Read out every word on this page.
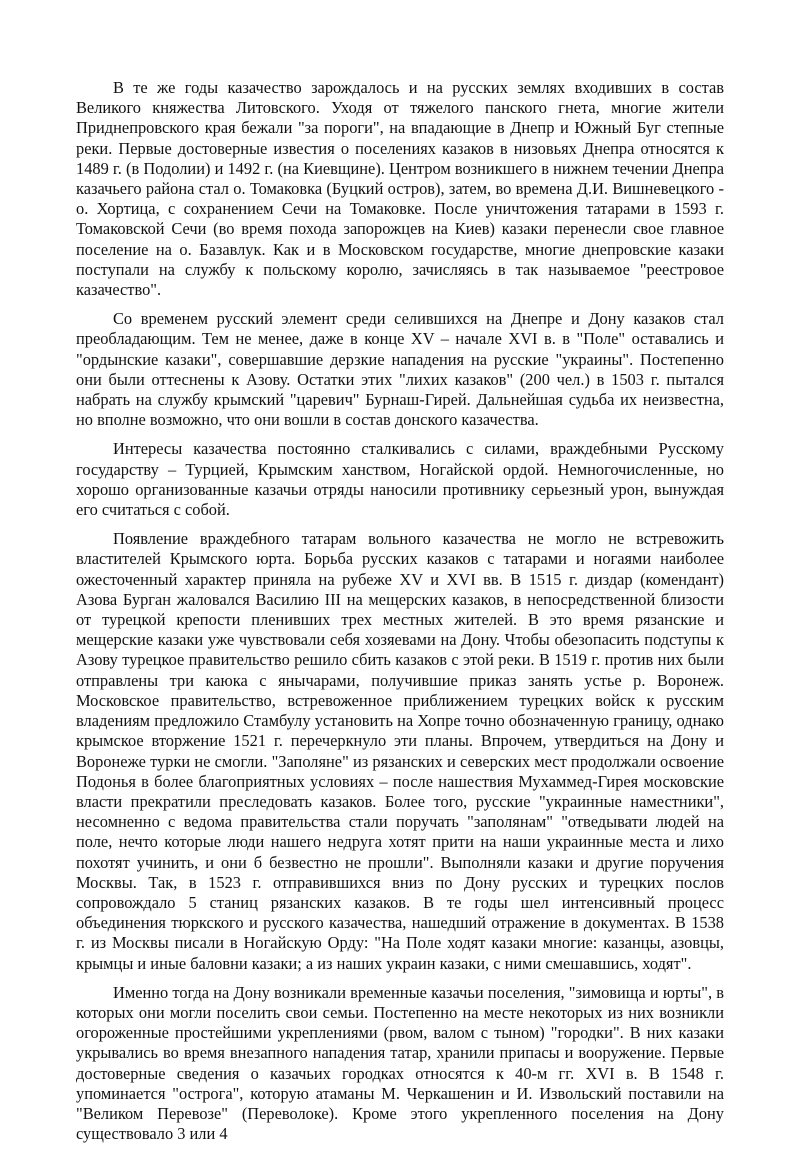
В те же годы казачество зарождалось и на русских землях входивших в состав Великого княжества Литовского. Уходя от тяжелого панского гнета, многие жители Приднепровского края бежали "за пороги", на впадающие в Днепр и Южный Буг степные реки. Первые достоверные известия о поселениях казаков в низовьях Днепра относятся к 1489 г. (в Подолии) и 1492 г. (на Киевщине). Центром возникшего в нижнем течении Днепра казачьего района стал о. Томаковка (Буцкий остров), затем, во времена Д.И. Вишневецкого - о. Хортица, с сохранением Сечи на Томаковке. После уничтожения татарами в 1593 г. Томаковской Сечи (во время похода запорожцев на Киев) казаки перенесли свое главное поселение на о. Базавлук. Как и в Московском государстве, многие днепровские казаки поступали на службу к польскому королю, зачисляясь в так называемое "реестровое казачество".

Со временем русский элемент среди селившихся на Днепре и Дону казаков стал преобладающим. Тем не менее, даже в конце XV – начале XVI в. в "Поле" оставались и "ордынские казаки", совершавшие дерзкие нападения на русские "украины". Постепенно они были оттеснены к Азову. Остатки этих "лихих казаков" (200 чел.) в 1503 г. пытался набрать на службу крымский "царевич" Бурнаш-Гирей. Дальнейшая судьба их неизвестна, но вполне возможно, что они вошли в состав донского казачества.

Интересы казачества постоянно сталкивались с силами, враждебными Русскому государству – Турцией, Крымским ханством, Ногайской ордой. Немногочисленные, но хорошо организованные казачьи отряды наносили противнику серьезный урон, вынуждая его считаться с собой.

Появление враждебного татарам вольного казачества не могло не встревожить властителей Крымского юрта. Борьба русских казаков с татарами и ногаями наиболее ожесточенный характер приняла на рубеже XV и XVI вв. В 1515 г. диздар (комендант) Азова Бурган жаловался Василию III на мещерских казаков, в непосредственной близости от турецкой крепости пленивших трех местных жителей. В это время рязанские и мещерские казаки уже чувствовали себя хозяевами на Дону. Чтобы обезопасить подступы к Азову турецкое правительство решило сбить казаков с этой реки. В 1519 г. против них были отправлены три каюка с янычарами, получившие приказ занять устье р. Воронеж. Московское правительство, встревоженное приближением турецких войск к русским владениям предложило Стамбулу установить на Хопре точно обозначенную границу, однако крымское вторжение 1521 г. перечеркнуло эти планы. Впрочем, утвердиться на Дону и Воронеже турки не смогли. "Заполяне" из рязанских и северских мест продолжали освоение Подонья в более благоприятных условиях – после нашествия Мухаммед-Гирея московские власти прекратили преследовать казаков. Более того, русские "украинные наместники", несомненно с ведома правительства стали поручать "заполянам" "отведывати людей на поле, нечто которые люди нашего недруга хотят прити на наши украинные места и лихо похотят учинить, и они б безвестно не прошли". Выполняли казаки и другие поручения Москвы. Так, в 1523 г. отправившихся вниз по Дону русских и турецких послов сопровождало 5 станиц рязанских казаков. В те годы шел интенсивный процесс объединения тюркского и русского казачества, нашедший отражение в документах. В 1538 г. из Москвы писали в Ногайскую Орду: "На Поле ходят казаки многие: казанцы, азовцы, крымцы и иные баловни казаки; а из наших украин казаки, с ними смешавшись, ходят".

Именно тогда на Дону возникали временные казачьи поселения, "зимовища и юрты", в которых они могли поселить свои семьи. Постепенно на месте некоторых из них возникли огороженные простейшими укреплениями (рвом, валом с тыном) "городки". В них казаки укрывались во время внезапного нападения татар, хранили припасы и вооружение. Первые достоверные сведения о казачьих городках относятся к 40-м гг. XVI в. В 1548 г. упоминается "острога", которую атаманы М. Черкашенин и И. Извольский поставили на "Великом Перевозе" (Переволоке). Кроме этого укрепленного поселения на Дону существовало 3 или 4
